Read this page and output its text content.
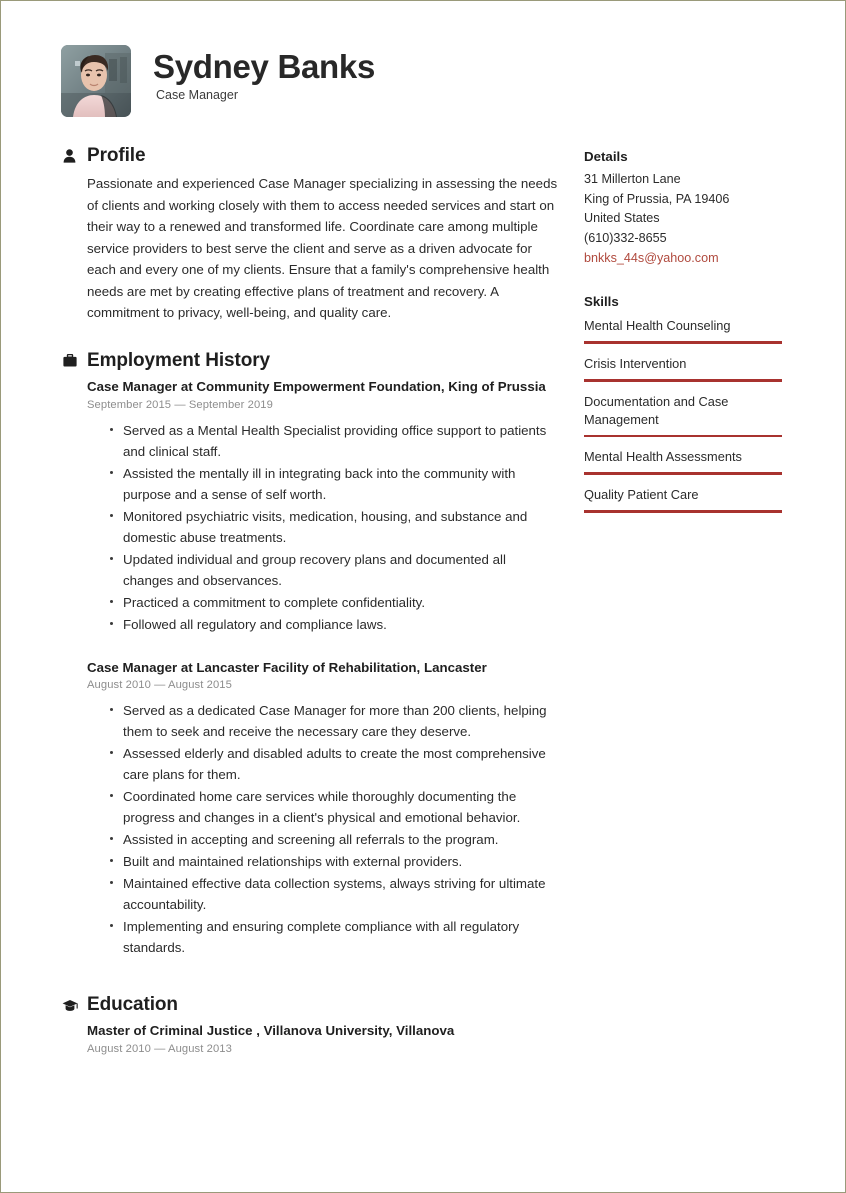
Sydney Banks
Case Manager
Profile

Passionate and experienced Case Manager specializing in assessing the needs of clients and working closely with them to access needed services and start on their way to a renewed and transformed life. Coordinate care among multiple service providers to best serve the client and serve as a driven advocate for each and every one of my clients. Ensure that a family's comprehensive health needs are met by creating effective plans of treatment and recovery. A commitment to privacy, well-being, and quality care.

Employment History
Case Manager at Community Empowerment Foundation, King of Prussia
September 2015 — September 2019
Served as a Mental Health Specialist providing office support to patients and clinical staff.
Assisted the mentally ill in integrating back into the community with purpose and a sense of self worth.
Monitored psychiatric visits, medication, housing, and substance and domestic abuse treatments.
Updated individual and group recovery plans and documented all changes and observances.
Practiced a commitment to complete confidentiality.
Followed all regulatory and compliance laws.
Case Manager at Lancaster Facility of Rehabilitation, Lancaster
August 2010 — August 2015
Served as a dedicated Case Manager for more than 200 clients, helping them to seek and receive the necessary care they deserve.
Assessed elderly and disabled adults to create the most comprehensive care plans for them.
Coordinated home care services while thoroughly documenting the progress and changes in a client's physical and emotional behavior.
Assisted in accepting and screening all referrals to the program.
Built and maintained relationships with external providers.
Maintained effective data collection systems, always striving for ultimate accountability.
Implementing and ensuring complete compliance with all regulatory standards.
Education
Master of Criminal Justice , Villanova University, Villanova
August 2010 — August 2013
Details
31 Millerton Lane
King of Prussia, PA 19406
United States
(610)332-8655
bnkks_44s@yahoo.com
Skills
Mental Health Counseling
Crisis Intervention
Documentation and Case Management
Mental Health Assessments
Quality Patient Care
